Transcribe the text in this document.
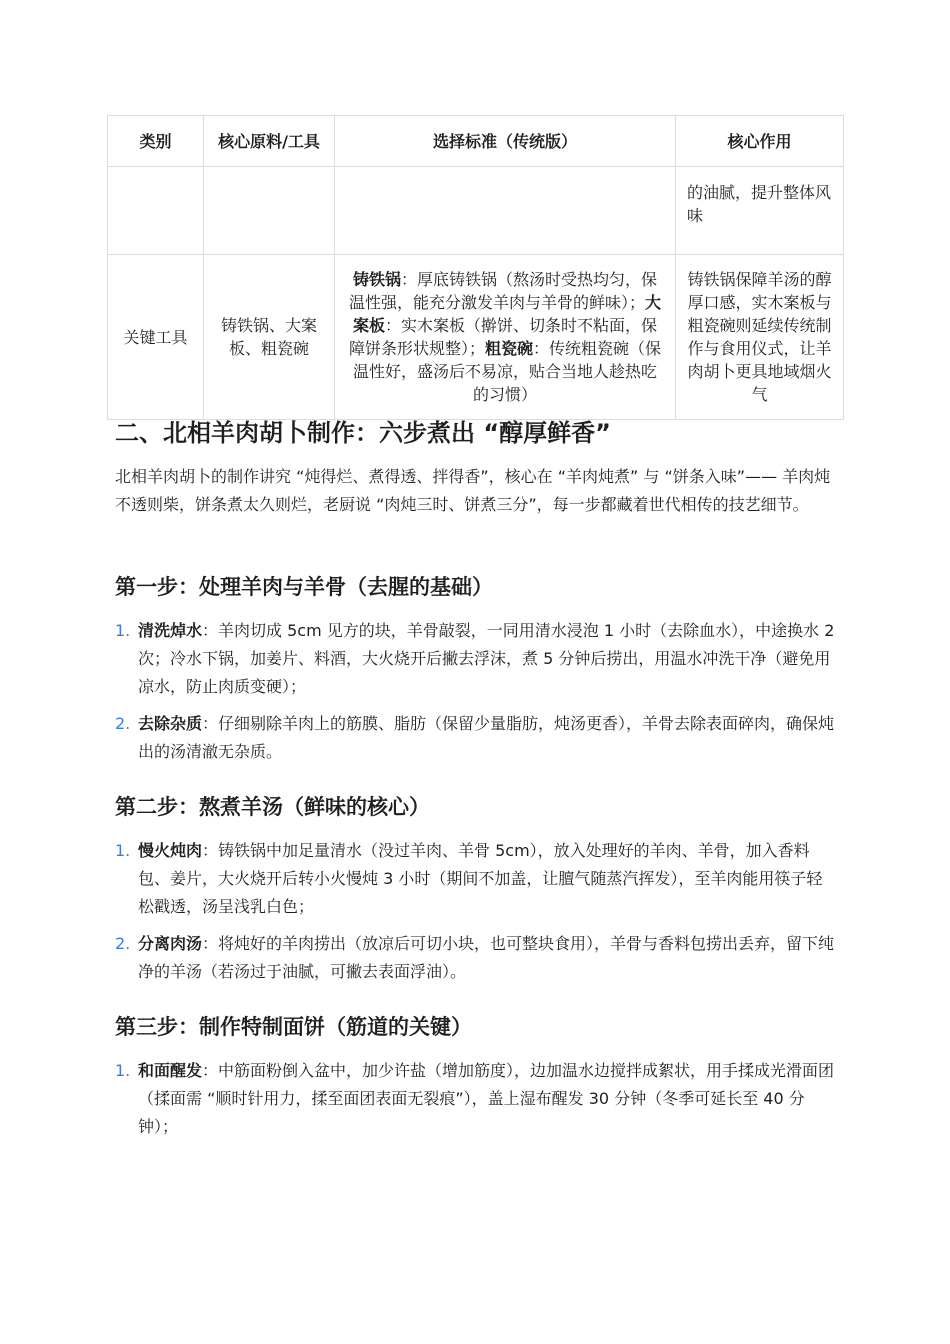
类别	核心原料/工具	选择标准（传统版）	核心作用
			的油腻，提升整体风味
关键工具	铸铁锅、大案板、粗瓷碗	铸铁锅：厚底铸铁锅（熬汤时受热均匀，保温性强，能充分激发羊肉与羊骨的鲜味）；大案板：实木案板（擀饼、切条时不粘面，保障饼条形状规整）；粗瓷碗：传统粗瓷碗（保温性好，盛汤后不易凉，贴合当地人趁热吃的习惯）	铸铁锅保障羊汤的醇厚口感，实木案板与粗瓷碗则延续传统制作与食用仪式，让羊肉胡卜更具地域烟火气
二、北相羊肉胡卜制作：六步煮出 “醇厚鲜香”

北相羊肉胡卜的制作讲究 “炖得烂、煮得透、拌得香”，核心在 “羊肉炖煮” 与 “饼条入味”—— 羊肉炖不透则柴，饼条煮太久则烂，老厨说 “肉炖三时、饼煮三分”，每一步都藏着世代相传的技艺细节。

第一步：处理羊肉与羊骨（去腥的基础）
1. 清洗焯水：羊肉切成 5cm 见方的块，羊骨敲裂，一同用清水浸泡 1 小时（去除血水），中途换水 2 次；冷水下锅，加姜片、料酒，大火烧开后撇去浮沫，煮 5 分钟后捞出，用温水冲洗干净（避免用凉水，防止肉质变硬）；
2. 去除杂质：仔细剔除羊肉上的筋膜、脂肪（保留少量脂肪，炖汤更香），羊骨去除表面碎肉，确保炖出的汤清澈无杂质。
第二步：熬煮羊汤（鲜味的核心）
1. 慢火炖肉：铸铁锅中加足量清水（没过羊肉、羊骨 5cm），放入处理好的羊肉、羊骨，加入香料包、姜片，大火烧开后转小火慢炖 3 小时（期间不加盖，让膻气随蒸汽挥发），至羊肉能用筷子轻松戳透，汤呈浅乳白色；
2. 分离肉汤：将炖好的羊肉捞出（放凉后可切小块，也可整块食用），羊骨与香料包捞出丢弃，留下纯净的羊汤（若汤过于油腻，可撇去表面浮油）。
第三步：制作特制面饼（筋道的关键）
1. 和面醒发：中筋面粉倒入盆中，加少许盐（增加筋度），边加温水边搅拌成絮状，用手揉成光滑面团（揉面需 “顺时针用力，揉至面团表面无裂痕”），盖上湿布醒发 30 分钟（冬季可延长至 40 分钟）；
